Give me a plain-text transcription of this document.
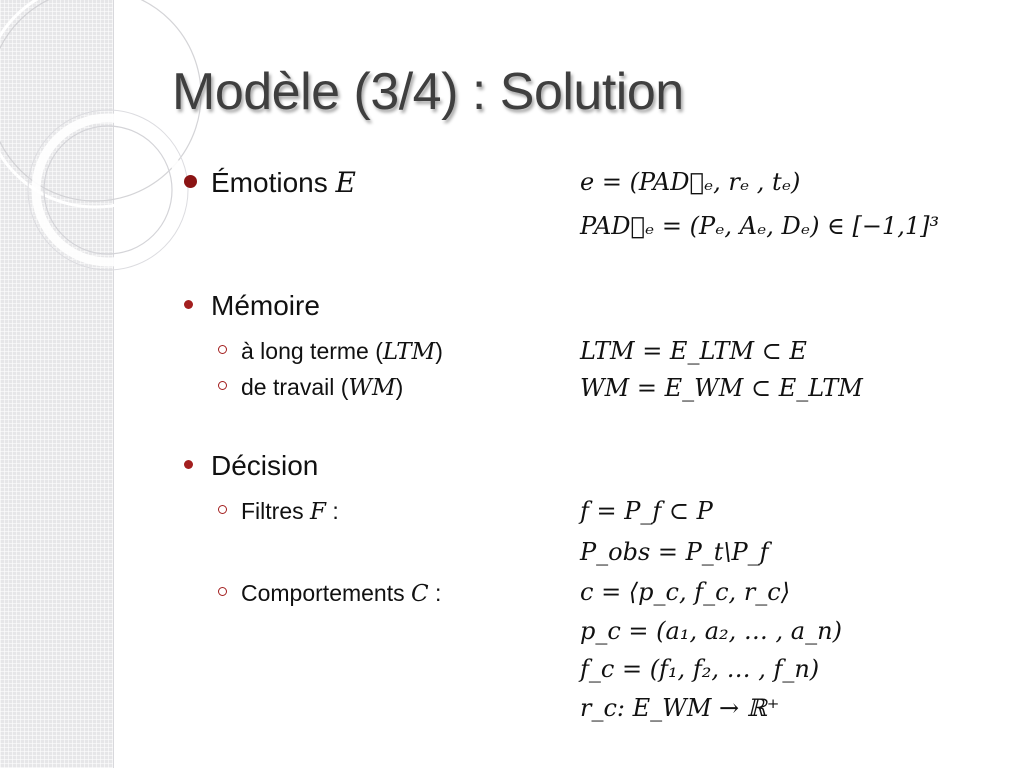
Modèle (3/4) : Solution
Émotions E	e = (PAD⃗ₑ, rₑ , tₑ)
PAD⃗ₑ = (Pₑ, Aₑ, Dₑ) ∈ [−1,1]³
Mémoire
à long terme (LTM)	LTM = E_LTM ⊂ E
de travail (WM)	WM = E_WM ⊂ E_LTM
Décision
Filtres F :	f = P_f ⊂ P
P_obs = P_t\P_f
Comportements C :	c = ⟨p_c, f_c, r_c⟩
p_c = (a₁, a₂, … , a_n)
f_c = (f₁, f₂, … , f_n)
r_c: E_WM → ℝ⁺
